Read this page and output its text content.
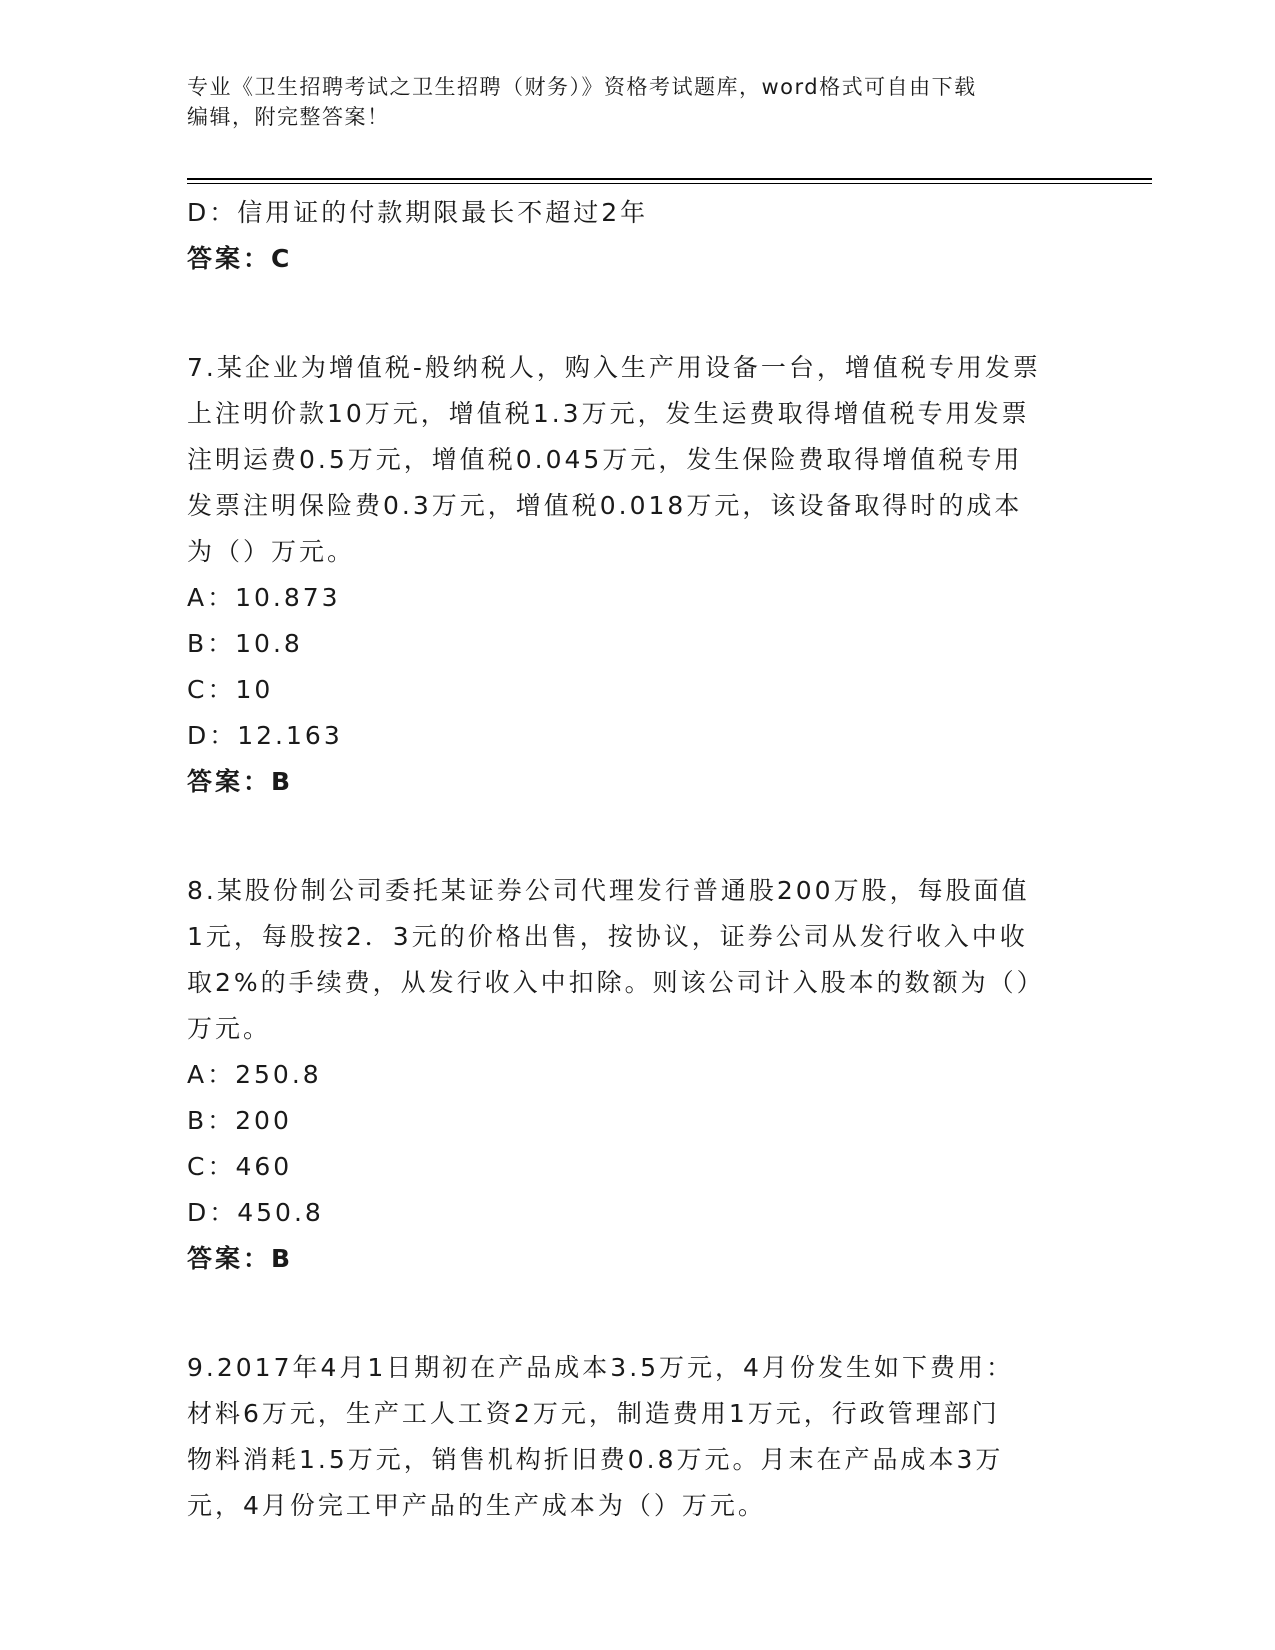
专业《卫生招聘考试之卫生招聘（财务）》资格考试题库，word格式可自由下载
编辑，附完整答案！
D：信用证的付款期限最长不超过2年
答案：C
7.某企业为增值税-般纳税人，购入生产用设备一台，增值税专用发票
上注明价款10万元，增值税1.3万元，发生运费取得增值税专用发票
注明运费0.5万元，增值税0.045万元，发生保险费取得增值税专用
发票注明保险费0.3万元，增值税0.018万元，该设备取得时的成本
为（）万元。
A：10.873
B：10.8
C：10
D：12.163
答案：B
8.某股份制公司委托某证券公司代理发行普通股200万股，每股面值
1元，每股按2．3元的价格出售，按协议，证券公司从发行收入中收
取2%的手续费，从发行收入中扣除。则该公司计入股本的数额为（）
万元。
A：250.8
B：200
C：460
D：450.8
答案：B
9.2017年4月1日期初在产品成本3.5万元，4月份发生如下费用：
材料6万元，生产工人工资2万元，制造费用1万元，行政管理部门
物料消耗1.5万元，销售机构折旧费0.8万元。月末在产品成本3万
元，4月份完工甲产品的生产成本为（）万元。
